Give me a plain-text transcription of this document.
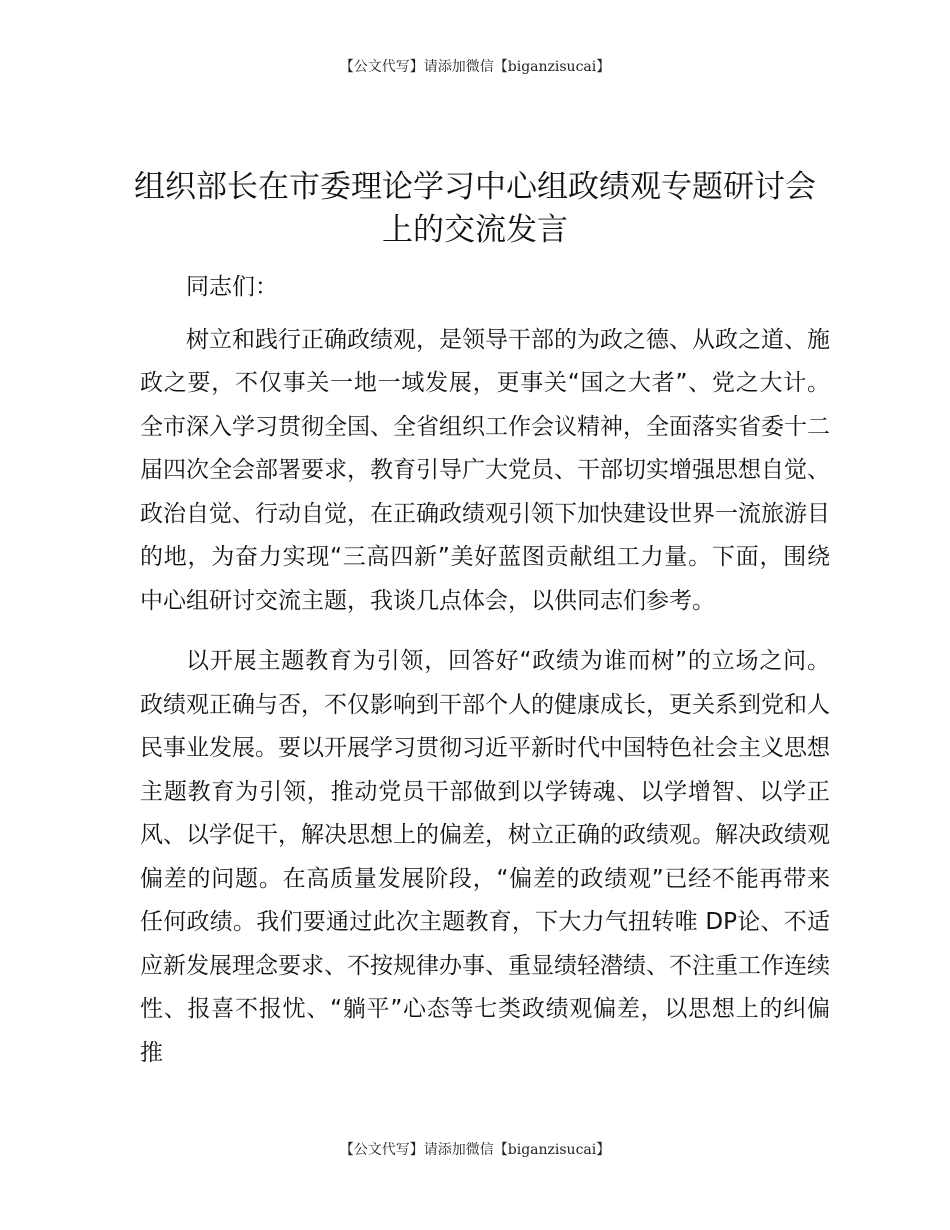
【公文代写】请添加微信【biganzisucai】
组织部长在市委理论学习中心组政绩观专题研讨会上的交流发言

同志们：

树立和践行正确政绩观，是领导干部的为政之德、从政之道、施政之要，不仅事关一地一域发展，更事关“国之大者”、党之大计。全市深入学习贯彻全国、全省组织工作会议精神，全面落实省委十二届四次全会部署要求，教育引导广大党员、干部切实增强思想自觉、政治自觉、行动自觉，在正确政绩观引领下加快建设世界一流旅游目的地，为奋力实现“三高四新”美好蓝图贡献组工力量。下面，围绕中心组研讨交流主题，我谈几点体会，以供同志们参考。

以开展主题教育为引领，回答好“政绩为谁而树”的立场之问。政绩观正确与否，不仅影响到干部个人的健康成长，更关系到党和人民事业发展。要以开展学习贯彻习近平新时代中国特色社会主义思想主题教育为引领，推动党员干部做到以学铸魂、以学增智、以学正风、以学促干，解决思想上的偏差，树立正确的政绩观。解决政绩观偏差的问题。在高质量发展阶段，“偏差的政绩观”已经不能再带来任何政绩。我们要通过此次主题教育，下大力气扭转唯 DP论、不适应新发展理念要求、不按规律办事、重显绩轻潜绩、不注重工作连续性、报喜不报忧、“躺平”心态等七类政绩观偏差，以思想上的纠偏推

【公文代写】请添加微信【biganzisucai】
